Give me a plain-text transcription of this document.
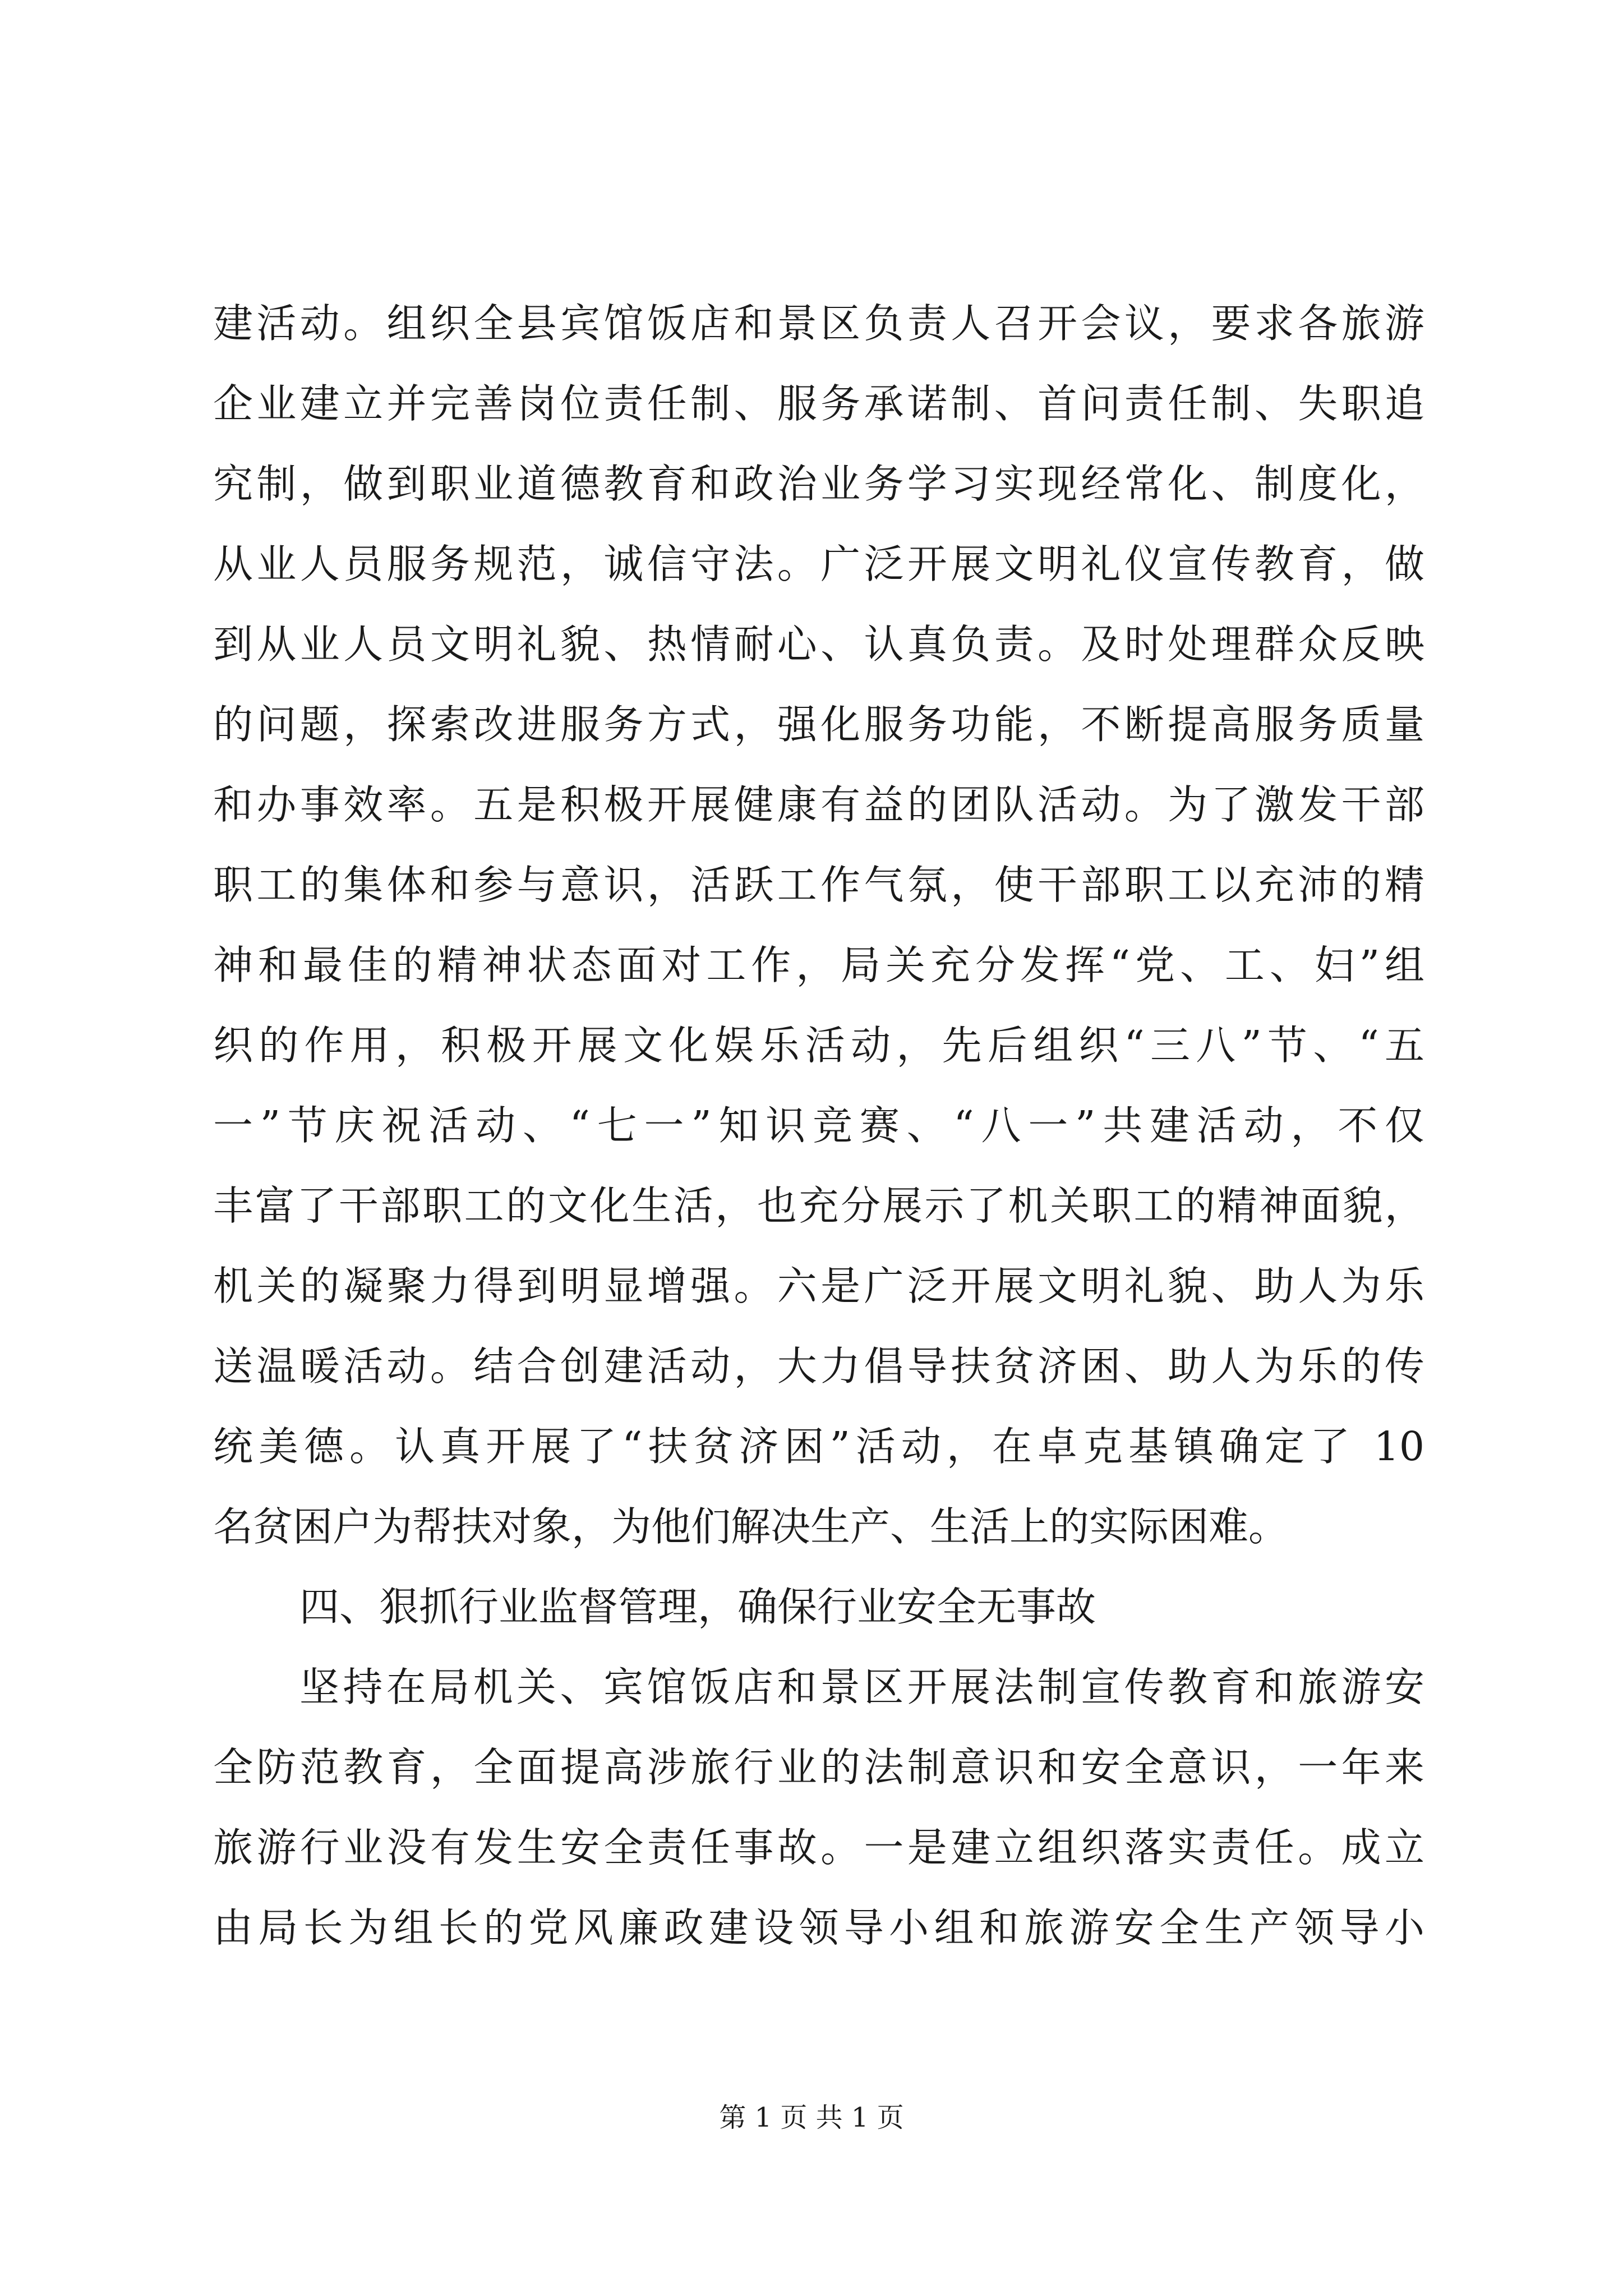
建活动。组织全县宾馆饭店和景区负责人召开会议，要求各旅游
企业建立并完善岗位责任制、服务承诺制、首问责任制、失职追
究制，做到职业道德教育和政治业务学习实现经常化、制度化，
从业人员服务规范，诚信守法。广泛开展文明礼仪宣传教育，做
到从业人员文明礼貌、热情耐心、认真负责。及时处理群众反映
的问题，探索改进服务方式，强化服务功能，不断提高服务质量
和办事效率。五是积极开展健康有益的团队活动。为了激发干部
职工的集体和参与意识，活跃工作气氛，使干部职工以充沛的精
神和最佳的精神状态面对工作，局关充分发挥“党、工、妇”组
织的作用，积极开展文化娱乐活动，先后组织“三八”节、“五
一”节庆祝活动、“七一”知识竞赛、“八一”共建活动，不仅
丰富了干部职工的文化生活，也充分展示了机关职工的精神面貌，
机关的凝聚力得到明显增强。六是广泛开展文明礼貌、助人为乐
送温暖活动。结合创建活动，大力倡导扶贫济困、助人为乐的传
统美德。认真开展了“扶贫济困”活动，在卓克基镇确定了 10
名贫困户为帮扶对象，为他们解决生产、生活上的实际困难。
四、狠抓行业监督管理，确保行业安全无事故
坚持在局机关、宾馆饭店和景区开展法制宣传教育和旅游安
全防范教育，全面提高涉旅行业的法制意识和安全意识，一年来
旅游行业没有发生安全责任事故。一是建立组织落实责任。成立
由局长为组长的党风廉政建设领导小组和旅游安全生产领导小
第 1 页 共 1 页
